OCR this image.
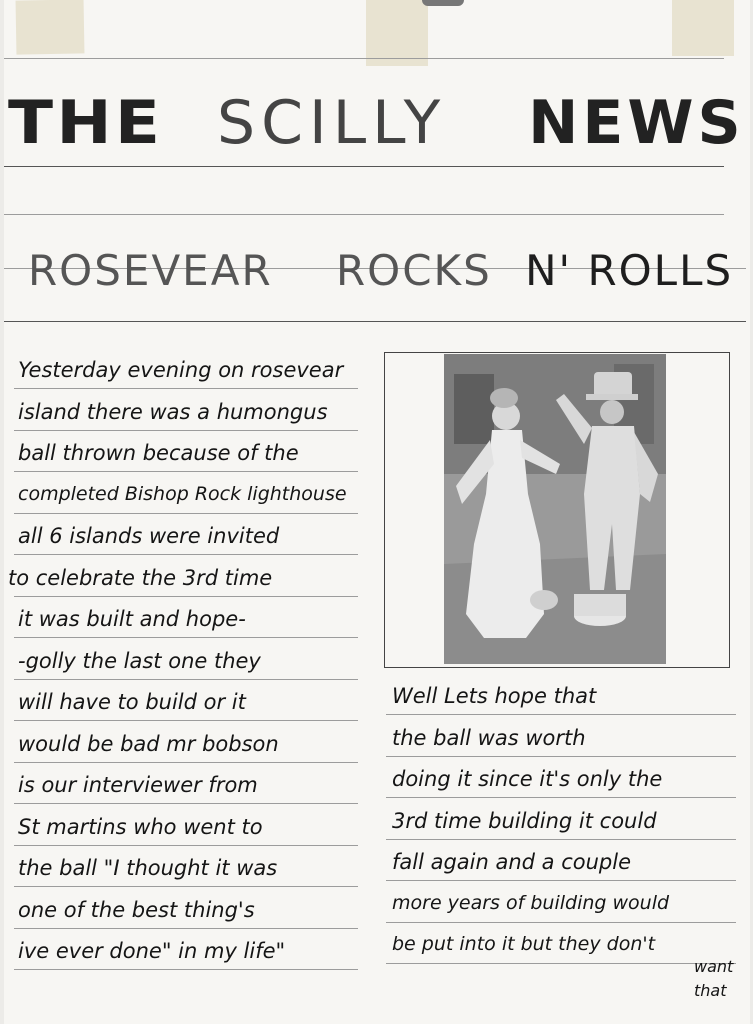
THE SCILLY NEWS
ROSEVEAR ROCKS N' ROLLS
Yesterday evening on rosevear
island there was a humongus
ball thrown because of the
completed Bishop Rock lighthouse
all 6 islands were invited
to celebrate the 3rd time
it was built and hope-
-golly the last one they
will have to build or it
would be bad mr bobson
is our interviewer from
St martins who went to
the ball "I thought it was
one of the best thing's
ive ever done" in my life"
Well Lets hope that
the ball was worth
doing it since it's only the
3rd time building it could
fall again and a couple
more years of building would
be put into it but they don't
want
that
